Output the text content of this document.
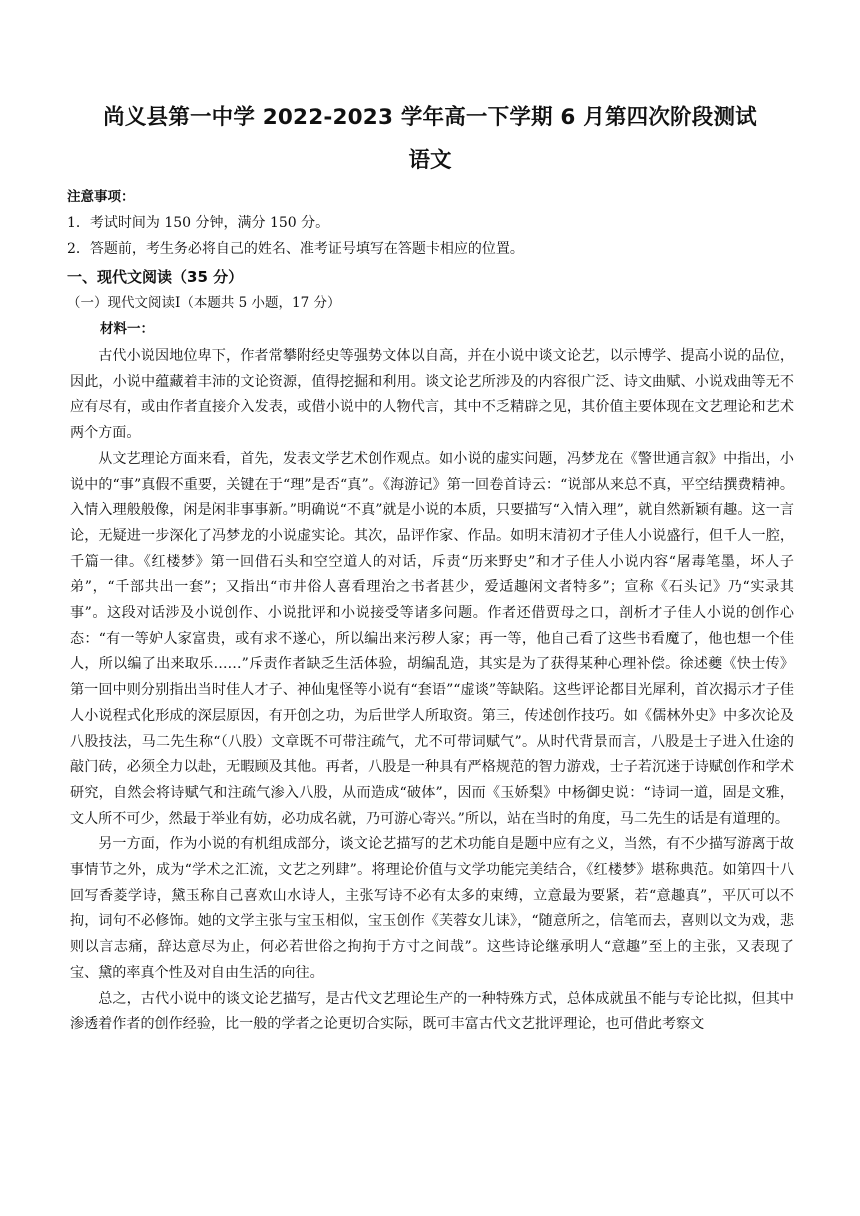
尚义县第一中学 2022-2023 学年高一下学期 6 月第四次阶段测试
语文
注意事项：
1．考试时间为 150 分钟，满分 150 分。
2．答题前，考生务必将自己的姓名、准考证号填写在答题卡相应的位置。
一、现代文阅读（35 分）
（一）现代文阅读Ⅰ（本题共 5 小题，17 分）
材料一：

古代小说因地位卑下，作者常攀附经史等强势文体以自高，并在小说中谈文论艺，以示博学、提高小说的品位，因此，小说中蕴藏着丰沛的文论资源，值得挖掘和利用。谈文论艺所涉及的内容很广泛、诗文曲赋、小说戏曲等无不应有尽有，或由作者直接介入发表，或借小说中的人物代言，其中不乏精辟之见，其价值主要体现在文艺理论和艺术两个方面。

从文艺理论方面来看，首先，发表文学艺术创作观点。如小说的虚实问题，冯梦龙在《警世通言叙》中指出，小说中的“事”真假不重要，关键在于“理”是否“真”。《海游记》第一回卷首诗云：“说部从来总不真，平空结撰费精神。入情入理般般像，闲是闲非事事新。”明确说“不真”就是小说的本质，只要描写“入情入理”，就自然新颖有趣。这一言论，无疑进一步深化了冯梦龙的小说虚实论。其次，品评作家、作品。如明末清初才子佳人小说盛行，但千人一腔，千篇一律。《红楼梦》第一回借石头和空空道人的对话，斥责“历来野史”和才子佳人小说内容“屠毒笔墨，坏人子弟”，“千部共出一套”；又指出“市井俗人喜看理治之书者甚少，爱适趣闲文者特多”；宣称《石头记》乃“实录其事”。这段对话涉及小说创作、小说批评和小说接受等诸多问题。作者还借贾母之口，剖析才子佳人小说的创作心态：“有一等妒人家富贵，或有求不遂心，所以编出来污秽人家；再一等，他自己看了这些书看魔了，他也想一个佳人，所以编了出来取乐……”斥责作者缺乏生活体验，胡编乱造，其实是为了获得某种心理补偿。徐述夔《快士传》第一回中则分别指出当时佳人才子、神仙鬼怪等小说有“套语”“虚谈”等缺陷。这些评论都目光犀利，首次揭示才子佳人小说程式化形成的深层原因，有开创之功，为后世学人所取资。第三，传述创作技巧。如《儒林外史》中多次论及八股技法，马二先生称“（八股）文章既不可带注疏气，尤不可带词赋气”。从时代背景而言，八股是士子进入仕途的敲门砖，必须全力以赴，无暇顾及其他。再者，八股是一种具有严格规范的智力游戏，士子若沉迷于诗赋创作和学术研究，自然会将诗赋气和注疏气渗入八股，从而造成“破体”，因而《玉娇梨》中杨御史说：“诗词一道，固是文雅，文人所不可少，然最于举业有妨，必功成名就，乃可游心寄兴。”所以，站在当时的角度，马二先生的话是有道理的。

另一方面，作为小说的有机组成部分，谈文论艺描写的艺术功能自是题中应有之义，当然，有不少描写游离于故事情节之外，成为“学术之汇流，文艺之列肆”。将理论价值与文学功能完美结合，《红楼梦》堪称典范。如第四十八回写香菱学诗，黛玉称自己喜欢山水诗人，主张写诗不必有太多的束缚，立意最为要紧，若“意趣真”，平仄可以不拘，词句不必修饰。她的文学主张与宝玉相似，宝玉创作《芙蓉女儿诔》，“随意所之，信笔而去，喜则以文为戏，悲则以言志痛，辞达意尽为止，何必若世俗之拘拘于方寸之间哉”。这些诗论继承明人“意趣”至上的主张，又表现了宝、黛的率真个性及对自由生活的向往。

总之，古代小说中的谈文论艺描写，是古代文艺理论生产的一种特殊方式，总体成就虽不能与专论比拟，但其中渗透着作者的创作经验，比一般的学者之论更切合实际，既可丰富古代文艺批评理论，也可借此考察文
